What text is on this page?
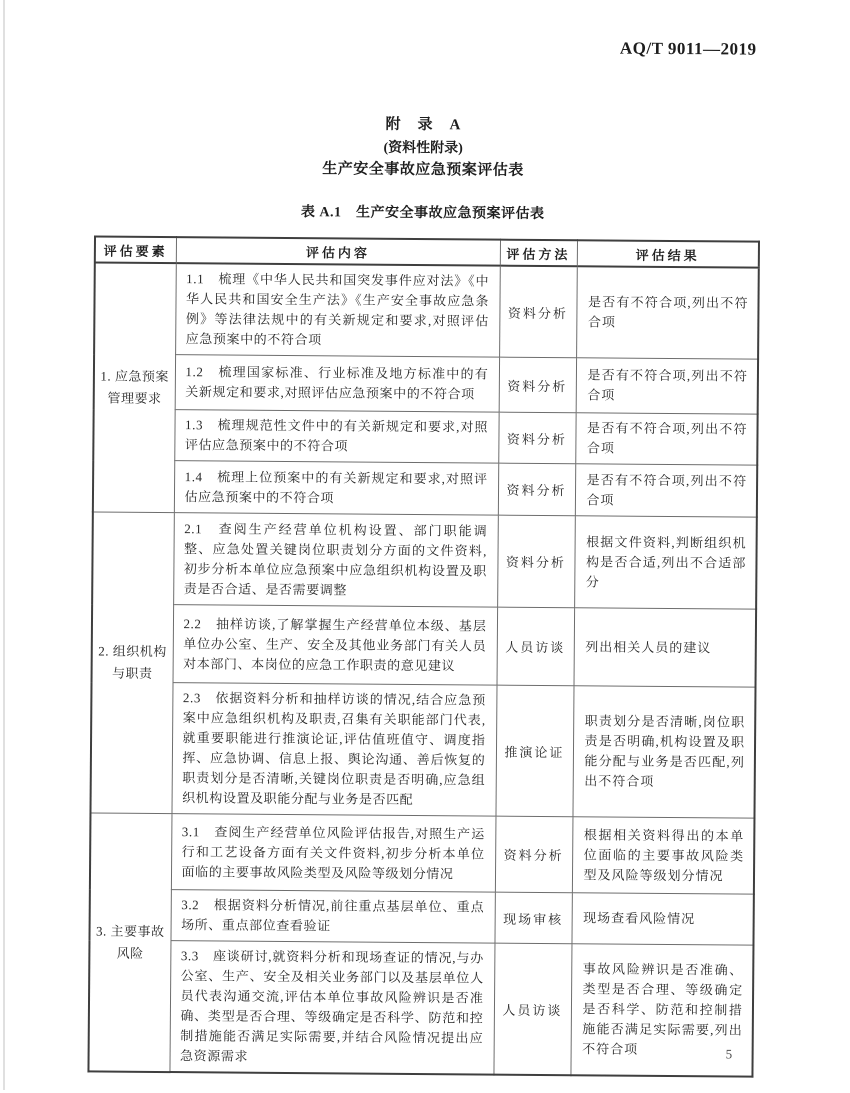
AQ/T 9011—2019
附　录　A
(资料性附录)
生产安全事故应急预案评估表
表 A.1　生产安全事故应急预案评估表
评估要素	评估内容	评估方法	评估结果
1. 应急预案管理要求	1.1　梳理《中华人民共和国突发事件应对法》《中华人民共和国安全生产法》《生产安全事故应急条例》等法律法规中的有关新规定和要求,对照评估应急预案中的不符合项	资料分析	是否有不符合项,列出不符合项
	1.2　梳理国家标准、行业标准及地方标准中的有关新规定和要求,对照评估应急预案中的不符合项	资料分析	是否有不符合项,列出不符合项
	1.3　梳理规范性文件中的有关新规定和要求,对照评估应急预案中的不符合项	资料分析	是否有不符合项,列出不符合项
	1.4　梳理上位预案中的有关新规定和要求,对照评估应急预案中的不符合项	资料分析	是否有不符合项,列出不符合项
2. 组织机构与职责	2.1　查阅生产经营单位机构设置、部门职能调整、应急处置关键岗位职责划分方面的文件资料,初步分析本单位应急预案中应急组织机构设置及职责是否合适、是否需要调整	资料分析	根据文件资料,判断组织机构是否合适,列出不合适部分
	2.2　抽样访谈,了解掌握生产经营单位本级、基层单位办公室、生产、安全及其他业务部门有关人员对本部门、本岗位的应急工作职责的意见建议	人员访谈	列出相关人员的建议
	2.3　依据资料分析和抽样访谈的情况,结合应急预案中应急组织机构及职责,召集有关职能部门代表,就重要职能进行推演论证,评估值班值守、调度指挥、应急协调、信息上报、舆论沟通、善后恢复的职责划分是否清晰,关键岗位职责是否明确,应急组织机构设置及职能分配与业务是否匹配	推演论证	职责划分是否清晰,岗位职责是否明确,机构设置及职能分配与业务是否匹配,列出不符合项
3. 主要事故风险	3.1　查阅生产经营单位风险评估报告,对照生产运行和工艺设备方面有关文件资料,初步分析本单位面临的主要事故风险类型及风险等级划分情况	资料分析	根据相关资料得出的本单位面临的主要事故风险类型及风险等级划分情况
	3.2　根据资料分析情况,前往重点基层单位、重点场所、重点部位查看验证	现场审核	现场查看风险情况
	3.3　座谈研讨,就资料分析和现场查证的情况,与办公室、生产、安全及相关业务部门以及基层单位人员代表沟通交流,评估本单位事故风险辨识是否准确、类型是否合理、等级确定是否科学、防范和控制措施能否满足实际需要,并结合风险情况提出应急资源需求	人员访谈	事故风险辨识是否准确、类型是否合理、等级确定是否科学、防范和控制措施能否满足实际需要,列出不符合项	5
